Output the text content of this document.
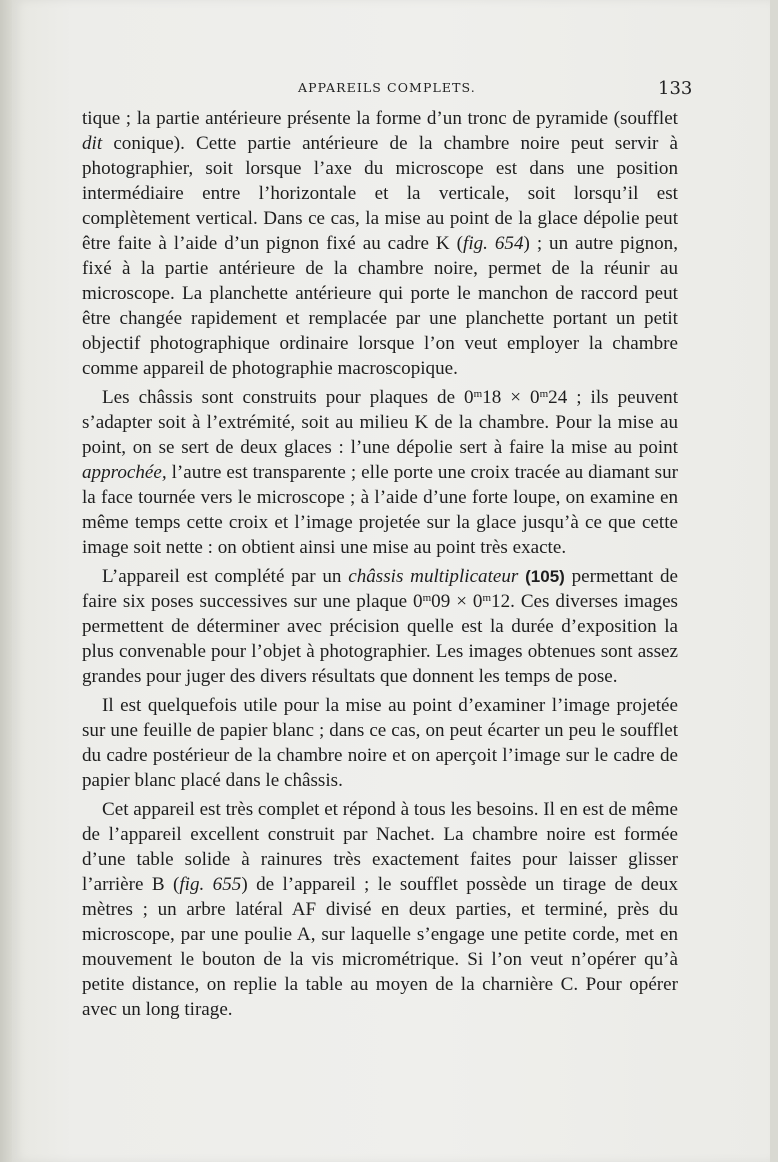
APPAREILS COMPLETS.	133

tique ; la partie antérieure présente la forme d’un tronc de pyramide (soufflet dit conique). Cette partie antérieure de la chambre noire peut servir à photographier, soit lorsque l’axe du microscope est dans une position intermédiaire entre l’horizontale et la verticale, soit lorsqu’il est complètement vertical. Dans ce cas, la mise au point de la glace dépolie peut être faite à l’aide d’un pignon fixé au cadre K (fig. 654) ; un autre pignon, fixé à la partie antérieure de la chambre noire, permet de la réunir au microscope. La planchette antérieure qui porte le manchon de raccord peut être changée rapidement et remplacée par une planchette portant un petit objectif photographique ordinaire lorsque l’on veut employer la chambre comme appareil de photographie macroscopique.

Les châssis sont construits pour plaques de $0^m18 \times 0^m24$ ; ils peuvent s’adapter soit à l’extrémité, soit au milieu K de la chambre. Pour la mise au point, on se sert de deux glaces : l’une dépolie sert à faire la mise au point approchée, l’autre est transparente ; elle porte une croix tracée au diamant sur la face tournée vers le microscope ; à l’aide d’une forte loupe, on examine en même temps cette croix et l’image projetée sur la glace jusqu’à ce que cette image soit nette : on obtient ainsi une mise au point très exacte.

L’appareil est complété par un châssis multiplicateur (105) permettant de faire six poses successives sur une plaque $0^m09 \times 0^m12$. Ces diverses images permettent de déterminer avec précision quelle est la durée d’exposition la plus convenable pour l’objet à photographier. Les images obtenues sont assez grandes pour juger des divers résultats que donnent les temps de pose.

Il est quelquefois utile pour la mise au point d’examiner l’image projetée sur une feuille de papier blanc ; dans ce cas, on peut écarter un peu le soufflet du cadre postérieur de la chambre noire et on aperçoit l’image sur le cadre de papier blanc placé dans le châssis.

Cet appareil est très complet et répond à tous les besoins. Il en est de même de l’appareil excellent construit par Nachet. La chambre noire est formée d’une table solide à rainures très exactement faites pour laisser glisser l’arrière B (fig. 655) de l’appareil ; le soufflet possède un tirage de deux mètres ; un arbre latéral AF divisé en deux parties, et terminé, près du microscope, par une poulie A, sur laquelle s’engage une petite corde, met en mouvement le bouton de la vis micrométrique. Si l’on veut n’opérer qu’à petite distance, on replie la table au moyen de la charnière C. Pour opérer avec un long tirage.
